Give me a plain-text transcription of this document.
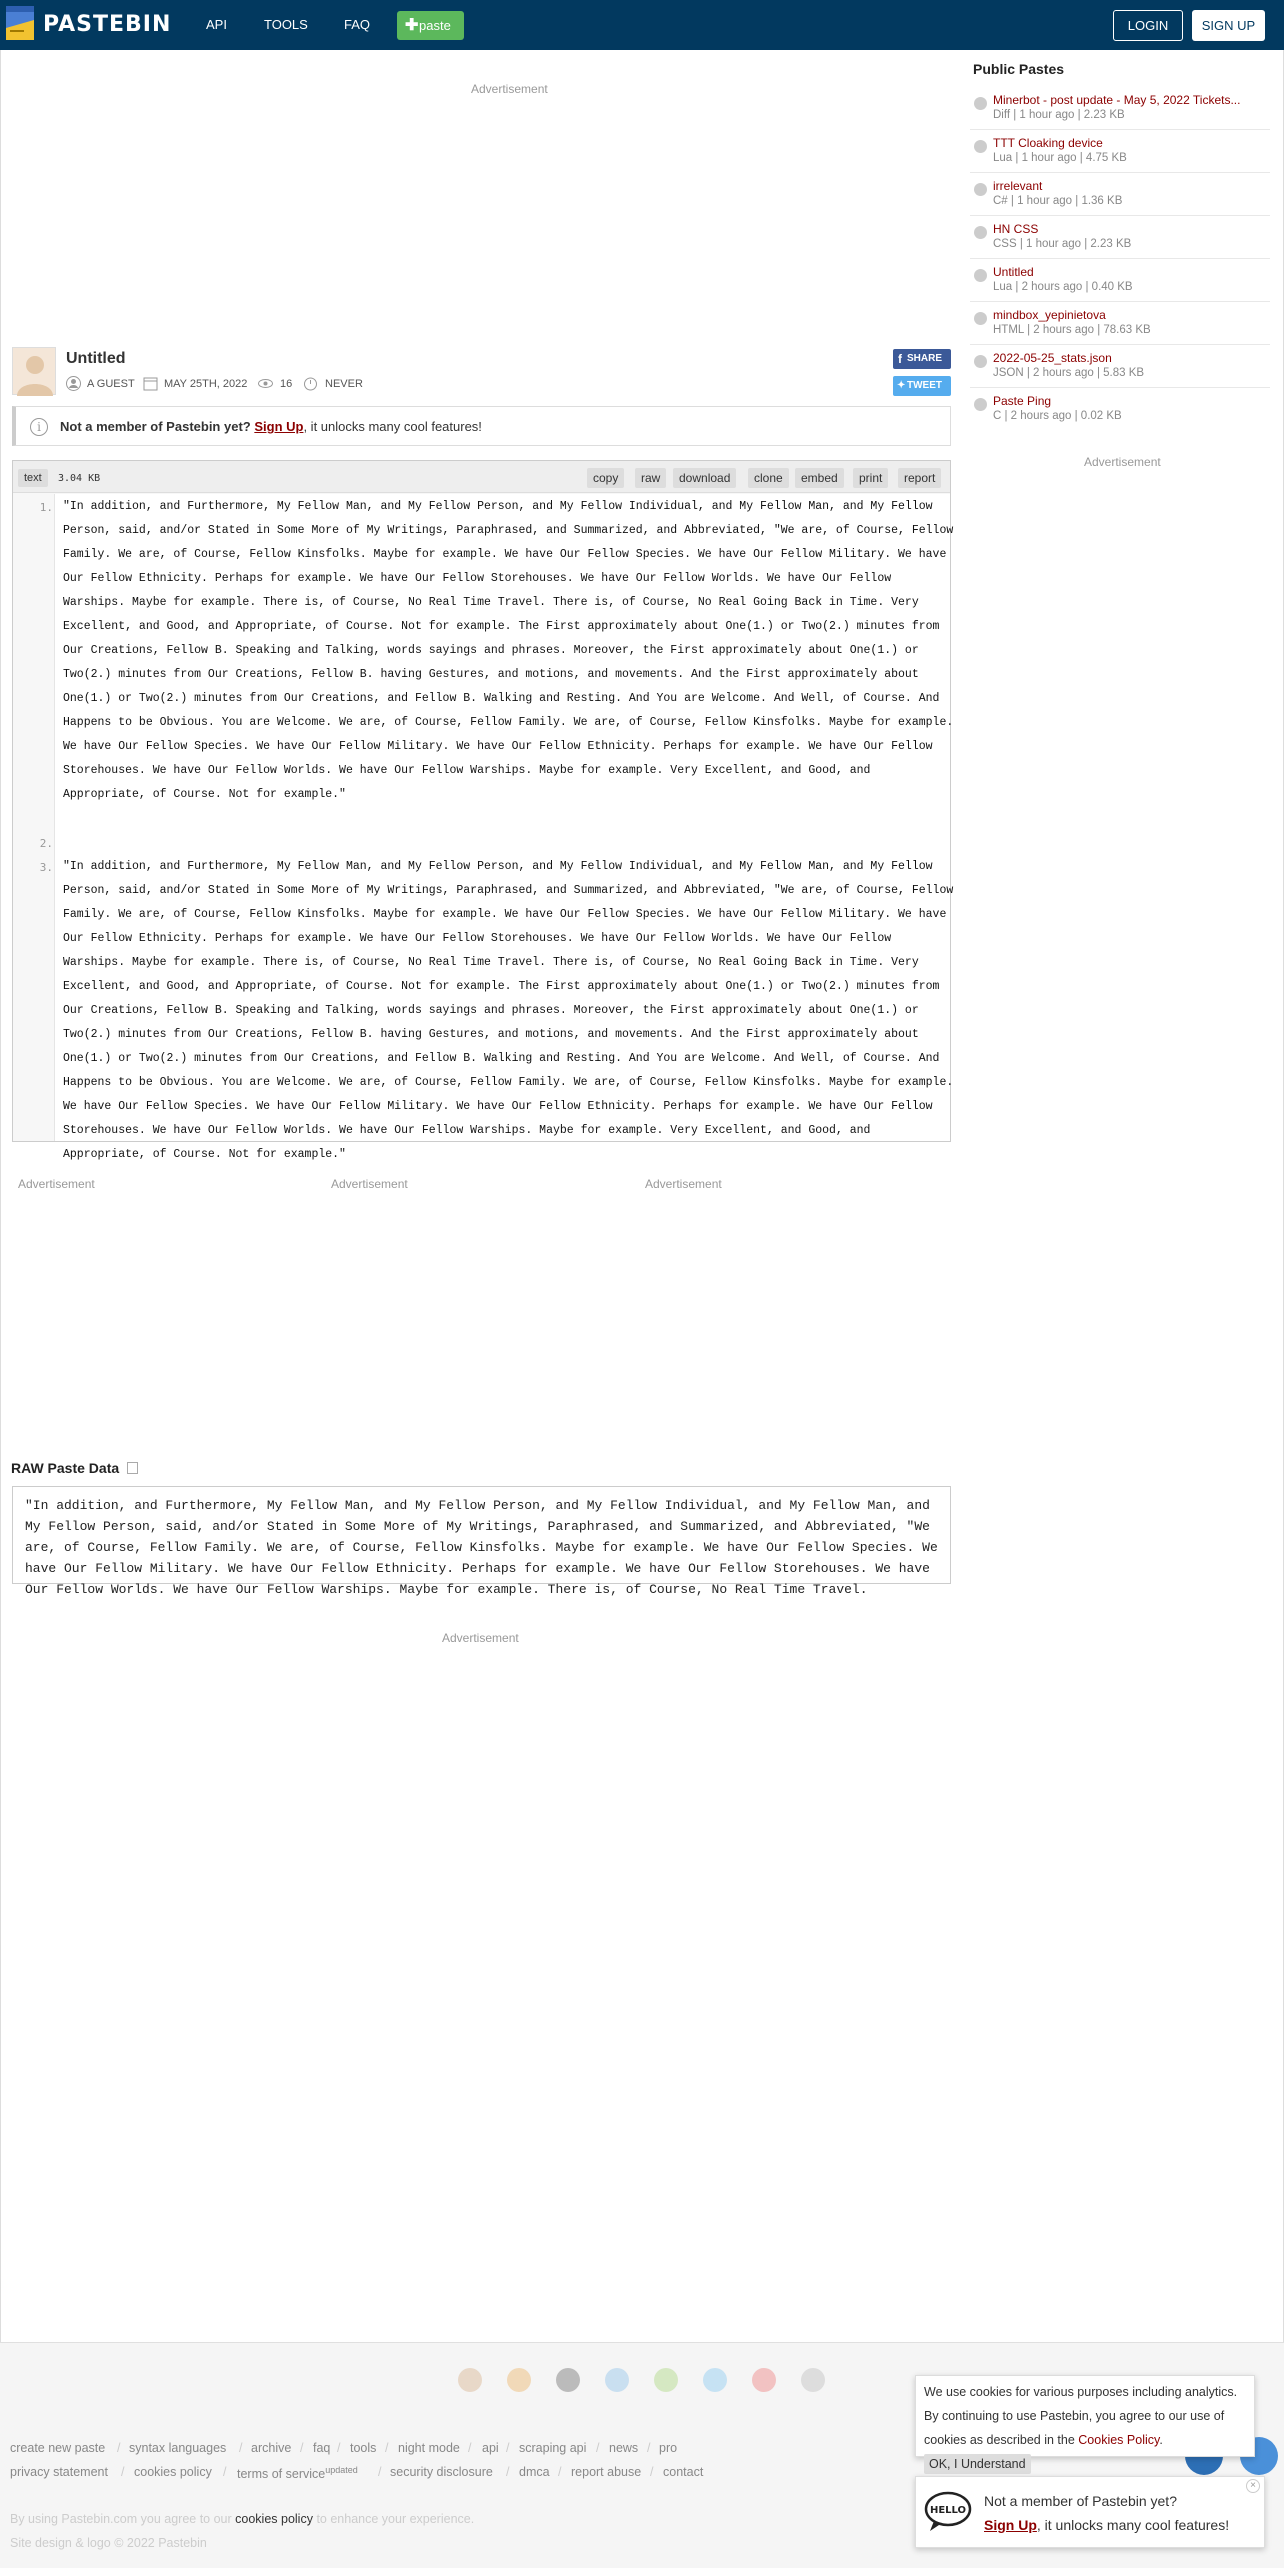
PASTEBIN	API	TOOLS	FAQ ✚ paste	LOGIN	SIGN UP
Advertisement
Untitled
A GUEST	MAY 25TH, 2022	16	NEVER
f SHARE
✦ TWEET
i	Not a member of Pastebin yet? Sign Up, it unlocks many cool features!
text	3.04 KB	copy	raw	download	clone	embed	print	report
1.
2.
3.
"In addition, and Furthermore, My Fellow Man, and My Fellow Person, and My Fellow Individual, and My Fellow Man, and My Fellow Person, said, and/or Stated in Some More of My Writings, Paraphrased, and Summarized, and Abbreviated, "We are, of Course, Fellow Family. We are, of Course, Fellow Kinsfolks. Maybe for example. We have Our Fellow Species. We have Our Fellow Military. We have Our Fellow Ethnicity. Perhaps for example. We have Our Fellow Storehouses. We have Our Fellow Worlds. We have Our Fellow Warships. Maybe for example. There is, of Course, No Real Time Travel. There is, of Course, No Real Going Back in Time. Very Excellent, and Good, and Appropriate, of Course. Not for example. The First approximately about One(1.) or Two(2.) minutes from Our Creations, Fellow B. Speaking and Talking, words sayings and phrases. Moreover, the First approximately about One(1.) or Two(2.) minutes from Our Creations, Fellow B. having Gestures, and motions, and movements. And the First approximately about One(1.) or Two(2.) minutes from Our Creations, and Fellow B. Walking and Resting. And You are Welcome. And Well, of Course. And Happens to be Obvious. You are Welcome. We are, of Course, Fellow Family. We are, of Course, Fellow Kinsfolks. Maybe for example. We have Our Fellow Species. We have Our Fellow Military. We have Our Fellow Ethnicity. Perhaps for example. We have Our Fellow Storehouses. We have Our Fellow Worlds. We have Our Fellow Warships. Maybe for example. Very Excellent, and Good, and Appropriate, of Course. Not for example."
"In addition, and Furthermore, My Fellow Man, and My Fellow Person, and My Fellow Individual, and My Fellow Man, and My Fellow Person, said, and/or Stated in Some More of My Writings, Paraphrased, and Summarized, and Abbreviated, "We are, of Course, Fellow Family. We are, of Course, Fellow Kinsfolks. Maybe for example. We have Our Fellow Species. We have Our Fellow Military. We have Our Fellow Ethnicity. Perhaps for example. We have Our Fellow Storehouses. We have Our Fellow Worlds. We have Our Fellow Warships. Maybe for example. There is, of Course, No Real Time Travel. There is, of Course, No Real Going Back in Time. Very Excellent, and Good, and Appropriate, of Course. Not for example. The First approximately about One(1.) or Two(2.) minutes from Our Creations, Fellow B. Speaking and Talking, words sayings and phrases. Moreover, the First approximately about One(1.) or Two(2.) minutes from Our Creations, Fellow B. having Gestures, and motions, and movements. And the First approximately about One(1.) or Two(2.) minutes from Our Creations, and Fellow B. Walking and Resting. And You are Welcome. And Well, of Course. And Happens to be Obvious. You are Welcome. We are, of Course, Fellow Family. We are, of Course, Fellow Kinsfolks. Maybe for example. We have Our Fellow Species. We have Our Fellow Military. We have Our Fellow Ethnicity. Perhaps for example. We have Our Fellow Storehouses. We have Our Fellow Worlds. We have Our Fellow Warships. Maybe for example. Very Excellent, and Good, and Appropriate, of Course. Not for example."
Advertisement	Advertisement	Advertisement
RAW Paste Data
"In addition, and Furthermore, My Fellow Man, and My Fellow Person, and My Fellow Individual, and My Fellow Man, and My Fellow Person, said, and/or Stated in Some More of My Writings, Paraphrased, and Summarized, and Abbreviated, "We are, of Course, Fellow Family. We are, of Course, Fellow Kinsfolks. Maybe for example. We have Our Fellow Species. We have Our Fellow Military. We have Our Fellow Ethnicity. Perhaps for example. We have Our Fellow Storehouses. We have Our Fellow Worlds. We have Our Fellow Warships. Maybe for example. There is, of Course, No Real Time Travel.
Advertisement
Public Pastes
Minerbot - post update - May 5, 2022 Tickets...
Diff | 1 hour ago | 2.23 KB
TTT Cloaking device
Lua | 1 hour ago | 4.75 KB
irrelevant
C# | 1 hour ago | 1.36 KB
HN CSS
CSS | 1 hour ago | 2.23 KB
Untitled
Lua | 2 hours ago | 0.40 KB
mindbox_yepinietova
HTML | 2 hours ago | 78.63 KB
2022-05-25_stats.json
JSON | 2 hours ago | 5.83 KB
Paste Ping
C | 2 hours ago | 0.02 KB
Advertisement
create new paste / syntax languages / archive / faq / tools / night mode / api / scraping api / news / pro
privacy statement / cookies policy / terms of service$^{updated}$ / security disclosure / dmca / report abuse / contact
By using Pastebin.com you agree to our cookies policy to enhance your experience.
Site design & logo © 2022 Pastebin
We use cookies for various purposes including analytics. By continuing to use Pastebin, you agree to our use of cookies as described in the Cookies Policy. OK, I Understand
HELLO
Not a member of Pastebin yet?
Sign Up, it unlocks many cool features!
×
